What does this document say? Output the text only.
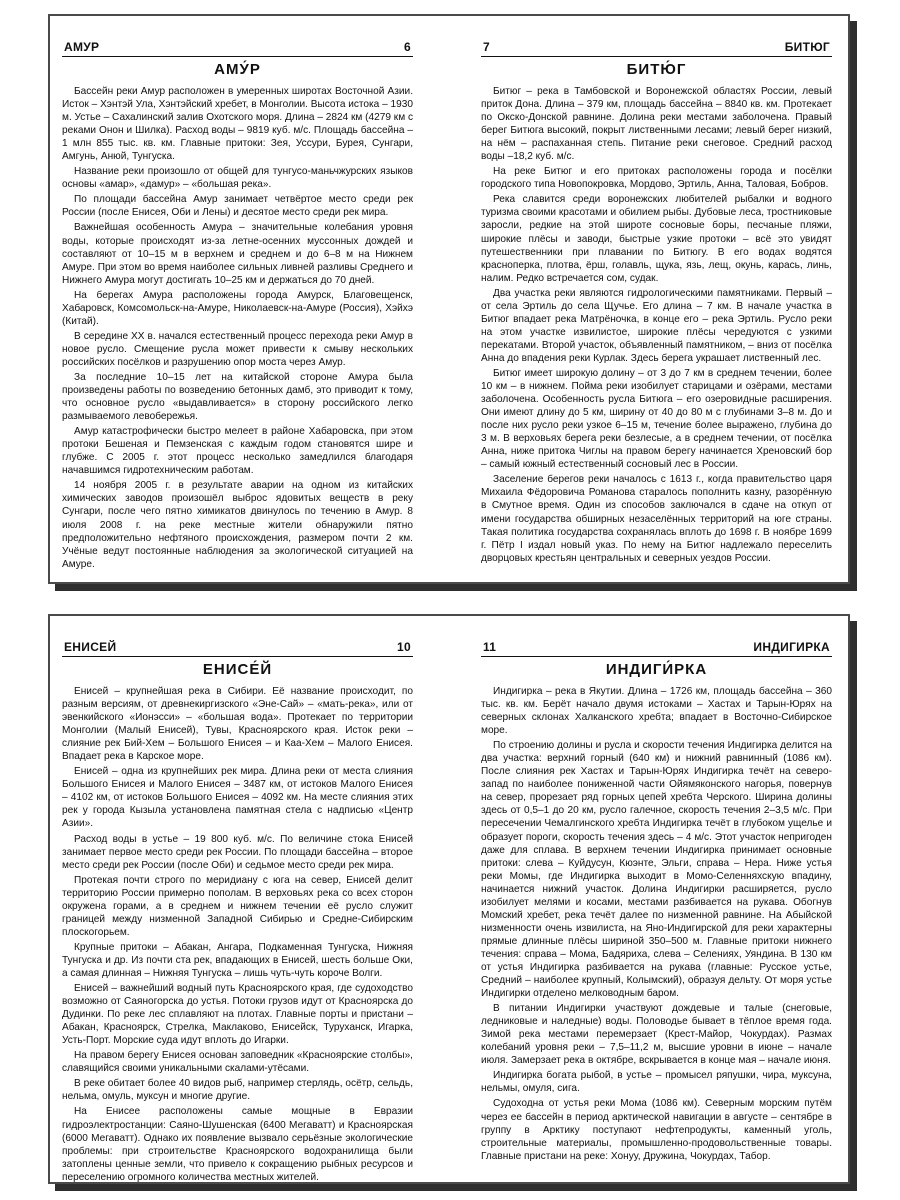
АМУР	6
АМУ́Р

Бассейн реки Амур расположен в умеренных широтах Восточной Азии. Исток – Хэнтэй Ула, Хэнтэйский хребет, в Монголии. Высота истока – 1930 м. Устье – Сахалинский залив Охотского моря. Длина – 2824 км (4279 км с реками Онон и Шилка). Расход воды – 9819 куб. м/с. Площадь бассейна – 1 млн 855 тыс. кв. км. Главные притоки: Зея, Уссури, Бурея, Сунгари, Амгунь, Анюй, Тунгуска.

Название реки произошло от общей для тунгусо-маньчжурских языков основы «амар», «дамур» – «большая река».

По площади бассейна Амур занимает четвёртое место среди рек России (после Енисея, Оби и Лены) и десятое место среди рек мира.

Важнейшая особенность Амура – значительные колебания уровня воды, которые происходят из-за летне-осенних муссонных дождей и составляют от 10–15 м в верхнем и среднем и до 6–8 м на Нижнем Амуре. При этом во время наиболее сильных ливней разливы Среднего и Нижнего Амура могут достигать 10–25 км и держаться до 70 дней.

На берегах Амура расположены города Амурск, Благовещенск, Хабаровск, Комсомольск-на-Амуре, Николаевск-на-Амуре (Россия), Хэйхэ (Китай).

В середине XX в. начался естественный процесс перехода реки Амур в новое русло. Смещение русла может привести к смыву нескольких российских посёлков и разрушению опор моста через Амур.

За последние 10–15 лет на китайской стороне Амура была произведены работы по возведению бетонных дамб, это приводит к тому, что основное русло «выдавливается» в сторону российского легко размываемого левобережья.

Амур катастрофически быстро мелеет в районе Хабаровска, при этом протоки Бешеная и Пемзенская с каждым годом становятся шире и глубже. С 2005 г. этот процесс несколько замедлился благодаря начавшимся гидротехническим работам.

14 ноября 2005 г. в результате аварии на одном из китайских химических заводов произошёл выброс ядовитых веществ в реку Сунгари, после чего пятно химикатов двинулось по течению в Амур. 8 июля 2008 г. на реке местные жители обнаружили пятно предположительно нефтяного происхождения, размером почти 2 км. Учёные ведут постоянные наблюдения за экологической ситуацией на Амуре.

7	БИТЮГ
БИТЮ́Г

Битюг – река в Тамбовской и Воронежской областях России, левый приток Дона. Длина – 379 км, площадь бассейна – 8840 кв. км. Протекает по Окско-Донской равнине. Долина реки местами заболочена. Правый берег Битюга высокий, покрыт лиственными лесами; левый берег низкий, на нём – распаханная степь. Питание реки снеговое. Средний расход воды –18,2 куб. м/с.

На реке Битюг и его притоках расположены города и посёлки городского типа Новопокровка, Мордово, Эртиль, Анна, Таловая, Бобров.

Река славится среди воронежских любителей рыбалки и водного туризма своими красотами и обилием рыбы. Дубовые леса, тростниковые заросли, редкие на этой широте сосновые боры, песчаные пляжи, широкие плёсы и заводи, быстрые узкие протоки – всё это увидят путешественники при плавании по Битюгу. В его водах водятся красноперка, плотва, ёрш, голавль, щука, язь, лещ, окунь, карась, линь, налим. Редко встречается сом, судак.

Два участка реки являются гидрологическими памятниками. Первый – от села Эртиль до села Щучье. Его длина – 7 км. В начале участка в Битюг впадает река Матрёночка, в конце его – река Эртиль. Русло реки на этом участке извилистое, широкие плёсы чередуются с узкими перекатами. Второй участок, объявленный памятником, – вниз от посёлка Анна до впадения реки Курлак. Здесь берега украшает лиственный лес.

Битюг имеет широкую долину – от 3 до 7 км в среднем течении, более 10 км – в нижнем. Пойма реки изобилует старицами и озёрами, местами заболочена. Особенность русла Битюга – его озеровидные расширения. Они имеют длину до 5 км, ширину от 40 до 80 м с глубинами 3–8 м. До и после них русло реки узкое 6–15 м, течение более выражено, глубина до 3 м. В верховьях берега реки безлесые, а в среднем течении, от посёлка Анна, ниже притока Чиглы на правом берегу начинается Хреновский бор – самый южный естественный сосновый лес в России.

Заселение берегов реки началось с 1613 г., когда правительство царя Михаила Фёдоровича Романова старалось пополнить казну, разорённую в Смутное время. Один из способов заключался в сдаче на откуп от имени государства обширных незаселённых территорий на юге страны. Такая политика государства сохранялась вплоть до 1698 г. В ноябре 1699 г. Пётр I издал новый указ. По нему на Битюг надлежало переселить дворцовых крестьян центральных и северных уездов России.

ЕНИСЕЙ	10
ЕНИСЕ́Й

Енисей – крупнейшая река в Сибири. Её название происходит, по разным версиям, от древнекиргизского «Эне-Сай» – «мать-река», или от эвенкийского «Ионэсси» – «большая вода». Протекает по территории Монголии (Малый Енисей), Тувы, Красноярского края. Исток реки – слияние рек Бий-Хем – Большого Енисея – и Каа-Хем – Малого Енисея. Впадает река в Карское море.

Енисей – одна из крупнейших рек мира. Длина реки от места слияния Большого Енисея и Малого Енисея – 3487 км, от истоков Малого Енисея – 4102 км, от истоков Большого Енисея – 4092 км. На месте слияния этих рек у города Кызыла установлена памятная стела с надписью «Центр Азии».

Расход воды в устье – 19 800 куб. м/с. По величине стока Енисей занимает первое место среди рек России. По площади бассейна – второе место среди рек России (после Оби) и седьмое место среди рек мира.

Протекая почти строго по меридиану с юга на север, Енисей делит территорию России примерно пополам. В верховьях река со всех сторон окружена горами, а в среднем и нижнем течении её русло служит границей между низменной Западной Сибирью и Средне-Сибирским плоскогорьем.

Крупные притоки – Абакан, Ангара, Подкаменная Тунгуска, Нижняя Тунгуска и др. Из почти ста рек, впадающих в Енисей, шесть больше Оки, а самая длинная – Нижняя Тунгуска – лишь чуть-чуть короче Волги.

Енисей – важнейший водный путь Красноярского края, где судоходство возможно от Саяногорска до устья. Потоки грузов идут от Красноярска до Дудинки. По реке лес сплавляют на плотах. Главные порты и пристани – Абакан, Красноярск, Стрелка, Маклаково, Енисейск, Туруханск, Игарка, Усть-Порт. Морские суда идут вплоть до Игарки.

На правом берегу Енисея основан заповедник «Красноярские столбы», славящийся своими уникальными скалами-утёсами.

В реке обитает более 40 видов рыб, например стерлядь, осётр, сельдь, нельма, омуль, муксун и многие другие.

На Енисее расположены самые мощные в Евразии гидроэлектростанции: Саяно-Шушенская (6400 Мегаватт) и Красноярская (6000 Мегаватт). Однако их появление вызвало серьёзные экологические проблемы: при строительстве Красноярского водохранилища были затоплены ценные земли, что привело к сокращению рыбных ресурсов и переселению огромного количества местных жителей.

11	ИНДИГИРКА
ИНДИГИ́РКА

Индигирка – река в Якутии. Длина – 1726 км, площадь бассейна – 360 тыс. кв. км. Берёт начало двумя истоками – Хастах и Тарын-Юрях на северных склонах Халканского хребта; впадает в Восточно-Сибирское море.

По строению долины и русла и скорости течения Индигирка делится на два участка: верхний горный (640 км) и нижний равнинный (1086 км). После слияния рек Хастах и Тарын-Юрях Индигирка течёт на северо-запад по наиболее пониженной части Ойямяконского нагорья, повернув на север, прорезает ряд горных цепей хребта Черского. Ширина долины здесь от 0,5–1 до 20 км, русло галечное, скорость течения 2–3,5 м/с. При пересечении Чемалгинского хребта Индигирка течёт в глубоком ущелье и образует пороги, скорость течения здесь – 4 м/с. Этот участок непригоден даже для сплава. В верхнем течении Индигирка принимает основные притоки: слева – Куйдусун, Кюэнте, Эльги, справа – Нера. Ниже устья реки Момы, где Индигирка выходит в Момо-Селенняхскую впадину, начинается нижний участок. Долина Индигирки расширяется, русло изобилует мелями и косами, местами разбивается на рукава. Обогнув Момский хребет, река течёт далее по низменной равнине. На Абыйской низменности очень извилиста, на Яно-Индигирской для реки характерны прямые длинные плёсы шириной 350–500 м. Главные притоки нижнего течения: справа – Мома, Бадяриха, слева – Селениях, Уяндина. В 130 км от устья Индигирка разбивается на рукава (главные: Русское устье, Средний – наиболее крупный, Колымский), образуя дельту. От моря устье Индигирки отделено мелководным баром.

В питании Индигирки участвуют дождевые и талые (снеговые, ледниковые и наледные) воды. Половодье бывает в тёплое время года. Зимой река местами перемерзает (Крест-Майор, Чокурдах). Размах колебаний уровня реки – 7,5–11,2 м, высшие уровни в июне – начале июля. Замерзает река в октябре, вскрывается в конце мая – начале июня.

Индигирка богата рыбой, в устье – промысел ряпушки, чира, муксуна, нельмы, омуля, сига.

Судоходна от устья реки Мома (1086 км). Северным морским путём через ее бассейн в период арктической навигации в августе – сентябре в группу в Арктику поступают нефтепродукты, каменный уголь, строительные материалы, промышленно-продовольственные товары. Главные пристани на реке: Хонуу, Дружина, Чокурдах, Табор.
